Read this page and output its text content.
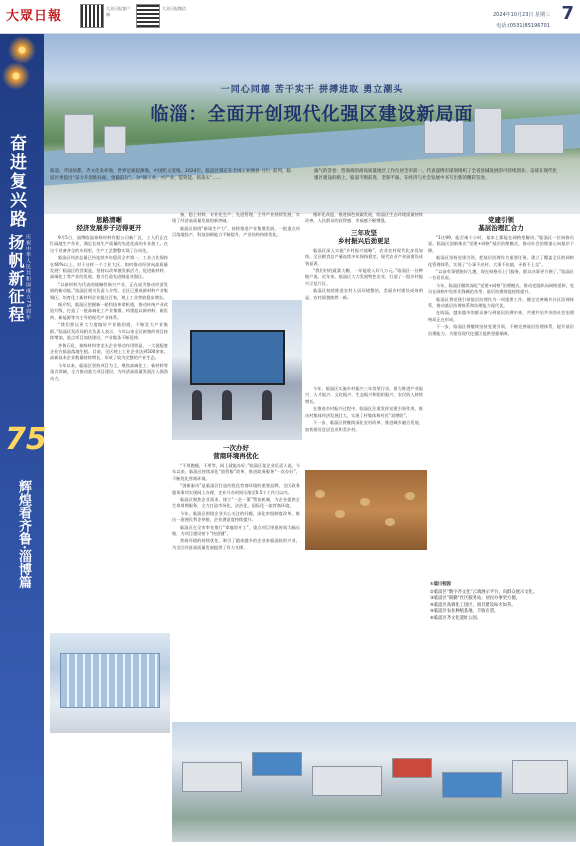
大眾日報
大众日报客户端
大众日报微信
2024年10月23日 星期三
电话:(0531)85196701
7
奋进复兴路
扬帆新征程 庆祝中华人民共和国成立75周年
75
辉煌看齐鲁·淄博篇
一同心同德 苦干实干 拼搏进取 勇立潮头
临淄：全面开创现代化强区建设新局面

临淄，齐国故都，齐文化发祥地，世界足球起源地，中国陀文基地。2024年，临淄区锚定在全国工业强县（区）前列，临淄区委提出“奋力开创新局面、勇毅前行”，为“强工业、兴产业、提效能、抓落实”……

拔气的答卷：营商商的商高质量地区工作位居全市前一。代表淄博市谋划组织了全省县城发展的可持续创业。奋战在现代化强区建设的路上，临淄不断前进，坚韧不拔，在经济与社会发展中书写出新的精彩答卷。

思路清晰
经济发展步子迈得更开

9月5日，淄博临淄泰鲜材料有限公司新厂区，工人们正在忙碌地生产作业，满足长丝生产质量的先进化高的专业加工。在这个设备齐全的车间里，生产工艺整整实现了自动化。

临淄区经济总量已经连续多年稳居全市第一，工业占比保持在60%以上。对于这样一个工业大区，如何推动经济向高质量发展？临淄区的答案是，坚持以改革激发新活力，促进新材料、高端化工等产业的发展，着力打造先进制造业强区。

“以新材料为代表的战略性新兴产业，正在成为推动经济发展的新动能。”临淄区相关负责人介绍，全区已建成新材料产业集聚区，培育化工新材料企业超过百家，规上工业营收稳步增长。

据介绍，临淄区把握新一轮科技革命机遇，推动传统产业改造升级，打造了一批高端化工产业集群，构建起以新材料、新医药、新能源等为主导的现代产业体系。

“我们要以更大力度做好产业链招商，不断壮大产业集群。”临淄区发改局相关负责人表示，今年以来全区新签约项目持续增加，重点项目加快建设，产业链条不断延伸。

齐鲁石化、泰鲜材料等龙头企业带动作用明显，一大批配套企业在临淄落地生根。目前，全区规上工业企业达到500余家，高新技术企业数量持续增长，形成了较为完整的产业生态。

今年以来，临淄区坚持项目为王，聚焦高端化工、新材料等重点领域，全力推动重大项目建设，为经济高质量发展注入强劲动力。

备，稳上材料，专业化生产，先进管理，主导产业持续发展，实现了经济高质量发展的新突破。

临淄区围绕“新质生产力”，持续推进产业集聚发展，一批重点项目落地投产，科技创新能力不断提升，产业结构持续优化。

一次办好
营商环境再优化

“不用跑腿，不用等，网上就能办好。”临淄区某企业负责人说。今年以来，临淄区持续深化“放管服”改革，推进政务服务“一次办好”，不断优化营商环境。

“创新驱动”是临淄区打造的优化营商环境的重要品牌，全区政务服务事项实现网上办理，企业开办时间压缩至0.5个工作日以内。

临淄区聚焦企业需求，建立“一企一策”帮扶机制，为企业提供全生命周期服务，全力打造市场化、法治化、国际化一流营商环境。

今年，临淄区围绕企业关心关注的问题，深化审批制度改革，推出一批便民利企举措，企业满意度持续提升。

临淄区在全市率先推行“拿地即开工”，重点项目审批时间大幅压缩，为项目建设按下“快进键”。

营商环境的持续优化，吸引了越来越多的企业来临淄投资兴业，为全区经济高质量发展提供了有力支撑。

循环化改造，推进绿色低碳发展，临淄区生态环境质量持续改善，人民群众的获得感、幸福感不断增强。

三年攻坚
乡村振兴后劲更足

临淄区深入实施“乡村振兴战略”，农业农村现代化步伐加快。全区粮食总产量连续多年保持稳定，现代农业产业园建设成效显著。

“我们村的蔬菜大棚，一年能收入好几万元。”临淄区一位种植户说。近年来，临淄区大力发展特色农业，打造了一批乡村振兴示范片区。

临淄区持续推进农村人居环境整治，美丽乡村建设成效明显，农村面貌焕然一新。

今年，临淄区实施乡村振兴三年攻坚行动，着力推进产业振兴、人才振兴、文化振兴、生态振兴和组织振兴，农民收入持续增长。

在推进乡村振兴过程中，临淄区注重发挥党建引领作用，推动村集体经济发展壮大，实现了村集体和村民“双增收”。

下一步，临淄区将继续深化农村改革，推进城乡融合发展，加快建设宜居宜业和美乡村。

党建引领
基层治理汇合力

“1比99，能否乘个小时，基本上都能在网格里解决。”临淄区一位网格员说。临淄区创新推出“党建+网格”基层治理模式，推动社会治理重心向基层下移。

临淄区坚持党建引领，把基层治理作为重要任务，建立了覆盖全区的网格化管理体系，实现了“小事不出村、大事不出镇、矛盾不上交”。

“以前有事要跑好几趟，现在网格员上门服务，群众办事更方便了。”临淄区一位居民说。

今年，临淄区继续深化“党建+网格”治理模式，推动党组织向网格延伸，党员在网格中发挥先锋模范作用，基层治理效能持续提升。

临淄区将党建引领基层治理作为一项重要工作，健全完善城乡社区治理体系，推动基层治理体系和治理能力现代化。

在临淄，越来越多的群众参与到基层治理中来，共建共治共享的社会治理格局正在形成。

下一步，临淄区将继续坚持党建引领，不断完善基层治理体系，提升基层治理能力，为建设现代化强区提供坚强保障。

①淄川校园
②临淄区“数字齐文化”云端展示平台，向群众展示文化。
③临淄区“联勤”社区服务站，居民办事更方便。
④临淄区高端化工园区，项目建设如火如荼。
⑤临淄区农业种植基地，丰收在望。
⑥临淄区齐文化遗址公园。
